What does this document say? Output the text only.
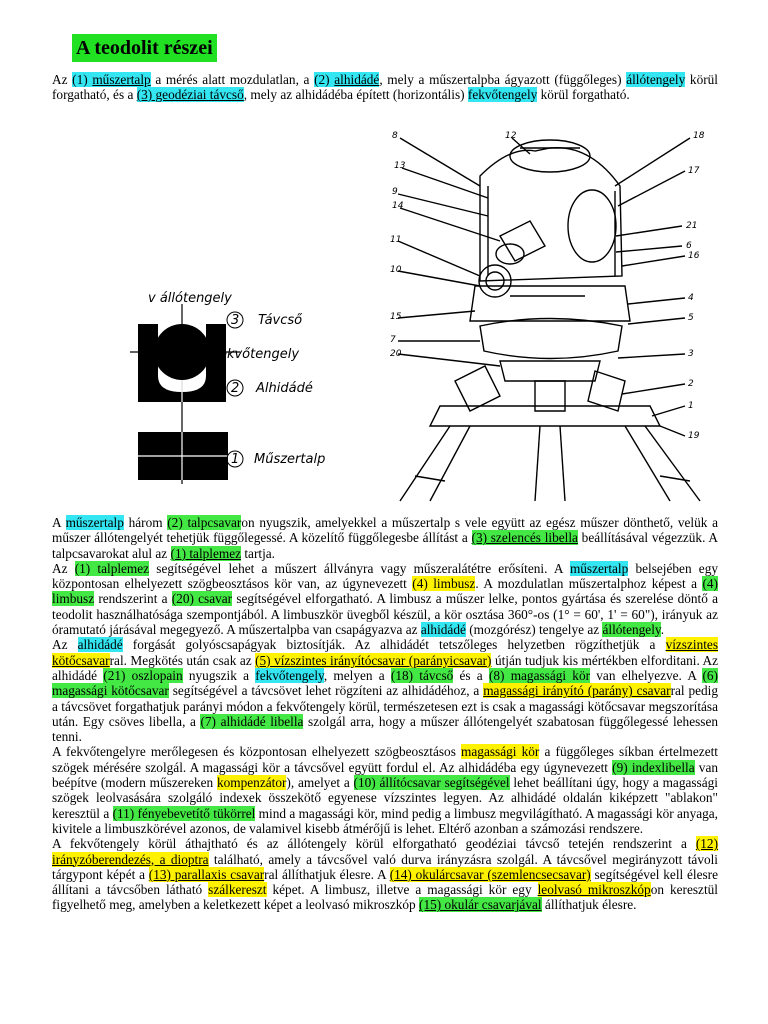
A teodolit részei

Az (1) műszertalp a mérés alatt mozdulatlan, a (2) alhidádé, mely a műszertalpba ágyazott (függőleges) állótengely körül forgatható, és a (3) geodéziai távcső, mely az alhidádéba épített (horizontális) fekvőtengely körül forgatható.

v állótengely
h fekvőtengely
3 Távcső
2 Alhidádé
1 Műszertalp
8	12	18
13	17
9
14
21
11
6
16
10
15
4
5
7
20	3
2
1
19

A műszertalp három (2) talpcsavaron nyugszik, amelyekkel a műszertalp s vele együtt az egész műszer dönthető, velük a műszer állótengelyét tehetjük függőlegessé. A közelítő függőlegesbe állítást a (3) szelencés libella beállításával végezzük. A talpcsavarokat alul az (1) talplemez tartja.

Az (1) talplemez segítségével lehet a műszert állványra vagy műszeralátétre erősíteni. A műszertalp belsejében egy központosan elhelyezett szögbeosztásos kör van, az úgynevezett (4) limbusz. A mozdulatlan műszertalphoz képest a (4) limbusz rendszerint a (20) csavar segítségével elforgatható. A limbusz a műszer lelke, pontos gyártása és szerelése döntő a teodolit használhatósága szempontjából. A limbuszkör üvegből készül, a kör osztása 360°-os (1° = 60', 1' = 60"), irányuk az óramutató járásával megegyező. A műszertalpba van csapágyazva az alhidádé (mozgórész) tengelye az állótengely.

Az alhidádé forgását golyóscsapágyak biztosítják. Az alhidádét tetszőleges helyzetben rögzíthetjük a vízszintes kötőcsavarral. Megkötés után csak az (5) vízszintes irányítócsavar (parányicsavar) útján tudjuk kis mértékben elforditani. Az alhidádé (21) oszlopain nyugszik a fekvőtengely, melyen a (18) távcső és a (8) magassági kör van elhelyezve. A (6) magassági kötőcsavar segítségével a távcsövet lehet rögzíteni az alhidádéhoz, a magassági irányító (parány) csavarral pedig a távcsövet forgathatjuk parányi módon a fekvőtengely körül, természetesen ezt is csak a magassági kötőcsavar megszorítása után. Egy csöves libella, a (7) alhidádé libella szolgál arra, hogy a műszer állótengelyét szabatosan függőlegessé lehessen tenni.

A fekvőtengelyre merőlegesen és központosan elhelyezett szögbeosztásos magassági kör a függőleges síkban értelmezett szögek mérésére szolgál. A magassági kör a távcsővel együtt fordul el. Az alhidádéba egy úgynevezett (9) indexlibella van beépítve (modern műszereken kompenzátor), amelyet a (10) állítócsavar segítségével lehet beállítani úgy, hogy a magassági szögek leolvasására szolgáló indexek összekötő egyenese vízszintes legyen. Az alhidádé oldalán kiképzett "ablakon" keresztül a (11) fényebevetítő tükörrel mind a magassági kör, mind pedig a limbusz megvilágítható. A magassági kör anyaga, kivitele a limbuszkörével azonos, de valamivel kisebb átmérőjű is lehet. Eltérő azonban a számozási rendszere.

A fekvőtengely körül áthajtható és az állótengely körül elforgatható geodéziai távcső tetején rendszerint a (12) irányzóberendezés, a dioptra található, amely a távcsővel való durva irányzásra szolgál. A távcsővel megirányzott távoli tárgypont képét a (13) parallaxis csavarral állíthatjuk élesre. A (14) okulárcsavar (szemlencsecsavar) segítségével kell élesre állítani a távcsőben látható szálkereszt képet. A limbusz, illetve a magassági kör egy leolvasó mikroszkópon keresztül figyelhető meg, amelyben a keletkezett képet a leolvasó mikroszkóp (15) okulár csavarjával állíthatjuk élesre.
